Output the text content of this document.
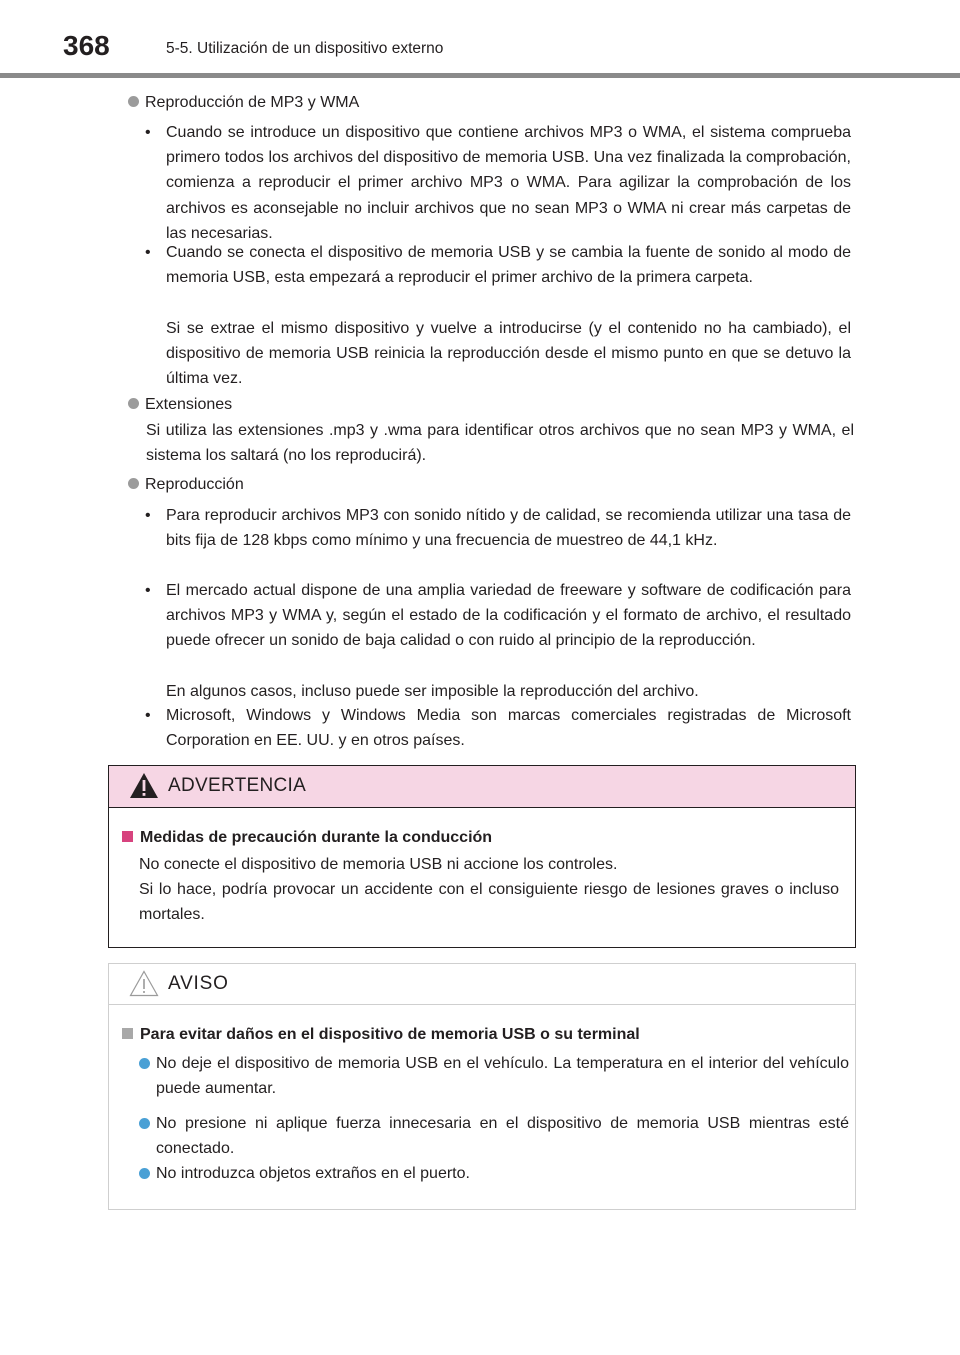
368	5-5. Utilización de un dispositivo externo
Reproducción de MP3 y WMA
• Cuando se introduce un dispositivo que contiene archivos MP3 o WMA, el sistema comprueba primero todos los archivos del dispositivo de memoria USB. Una vez finalizada la comprobación, comienza a reproducir el primer archivo MP3 o WMA. Para agilizar la comprobación de los archivos es aconsejable no incluir archivos que no sean MP3 o WMA ni crear más carpetas de las necesarias.
• Cuando se conecta el dispositivo de memoria USB y se cambia la fuente de sonido al modo de memoria USB, esta empezará a reproducir el primer archivo de la primera carpeta.
Si se extrae el mismo dispositivo y vuelve a introducirse (y el contenido no ha cambiado), el dispositivo de memoria USB reinicia la reproducción desde el mismo punto en que se detuvo la última vez.
Extensiones
Si utiliza las extensiones .mp3 y .wma para identificar otros archivos que no sean MP3 y WMA, el sistema los saltará (no los reproducirá).
Reproducción
• Para reproducir archivos MP3 con sonido nítido y de calidad, se recomienda utilizar una tasa de bits fija de 128 kbps como mínimo y una frecuencia de muestreo de 44,1 kHz.
• El mercado actual dispone de una amplia variedad de freeware y software de codificación para archivos MP3 y WMA y, según el estado de la codificación y el formato de archivo, el resultado puede ofrecer un sonido de baja calidad o con ruido al principio de la reproducción.
En algunos casos, incluso puede ser imposible la reproducción del archivo.
• Microsoft, Windows y Windows Media son marcas comerciales registradas de Microsoft Corporation en EE. UU. y en otros países.
ADVERTENCIA
Medidas de precaución durante la conducción
No conecte el dispositivo de memoria USB ni accione los controles.
Si lo hace, podría provocar un accidente con el consiguiente riesgo de lesiones graves o incluso mortales.
AVISO
Para evitar daños en el dispositivo de memoria USB o su terminal
No deje el dispositivo de memoria USB en el vehículo. La temperatura en el interior del vehículo puede aumentar.
No presione ni aplique fuerza innecesaria en el dispositivo de memoria USB mientras esté conectado.
No introduzca objetos extraños en el puerto.
